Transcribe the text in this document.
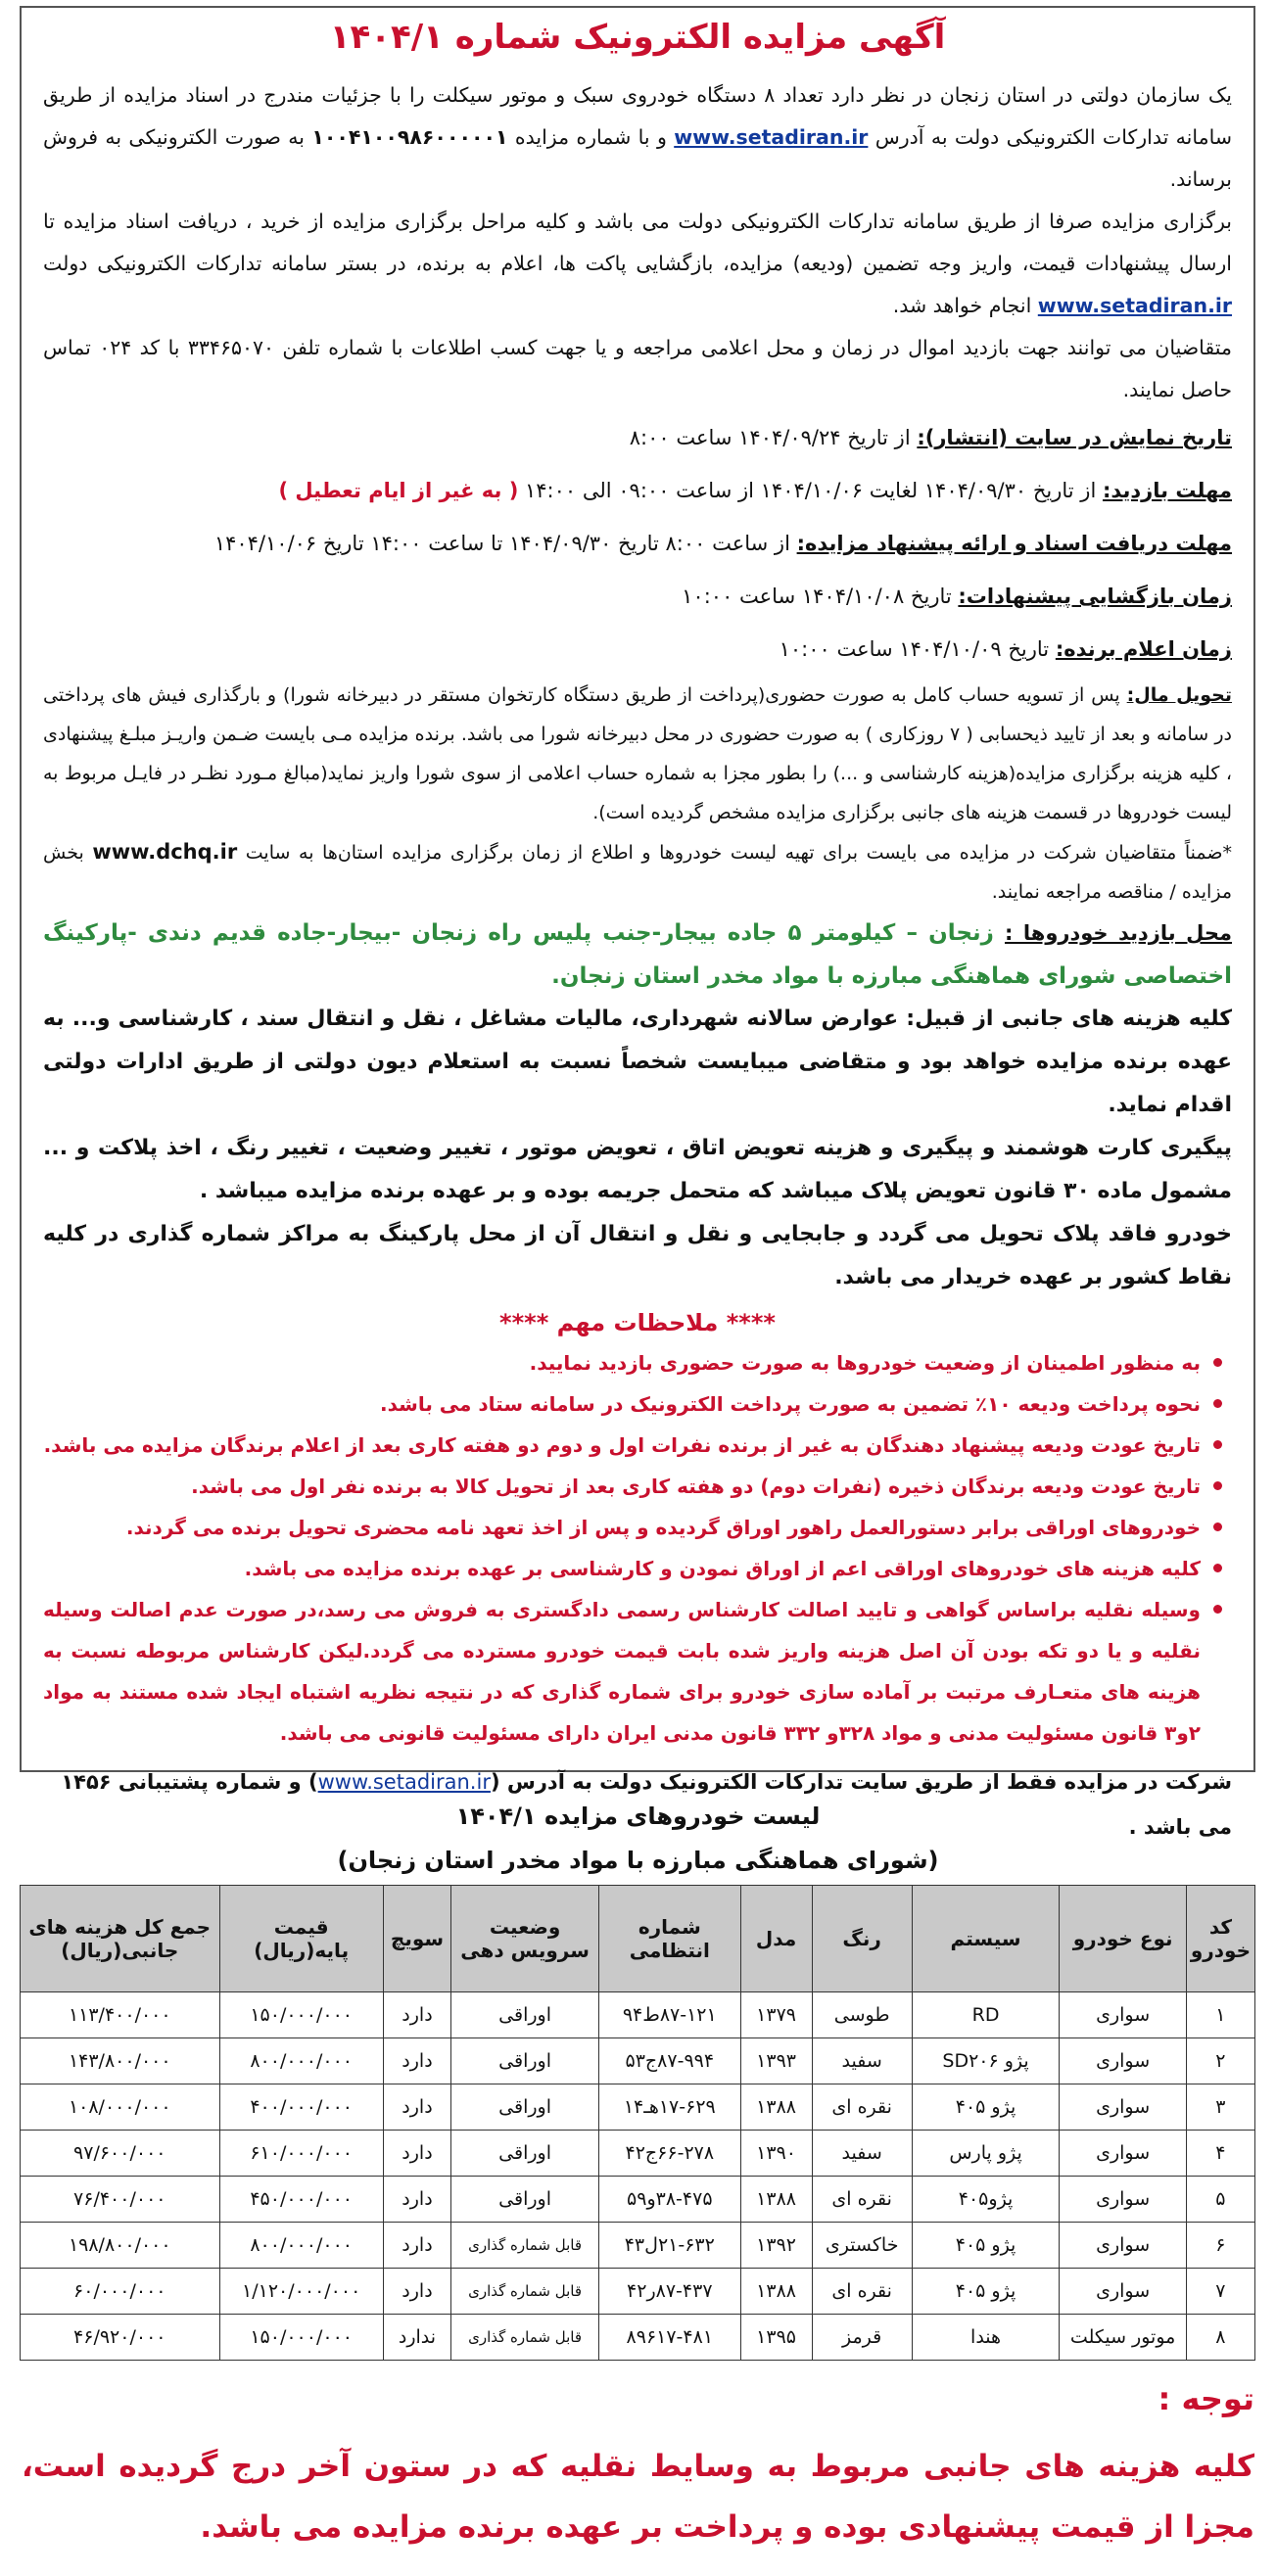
آگهی مزایده الکترونیک شماره ۱۴۰۴/۱

یک سازمان دولتی در استان زنجان در نظر دارد تعداد ۸ دستگاه خودروی سبک و موتور سیکلت را با جزئیات مندرج در اسناد مزایده از طریق سامانه تدارکات الکترونیکی دولت به آدرس www.setadiran.ir و با شماره مزایده ۱۰۰۴۱۰۰۹۸۶۰۰۰۰۰۱ به صورت الکترونیکی به فروش برساند.

برگزاری مزایده صرفا از طریق سامانه تدارکات الکترونیکی دولت می باشد و کلیه مراحل برگزاری مزایده از خرید ، دریافت اسناد مزایده تا ارسال پیشنهادات قیمت، واریز وجه تضمین (ودیعه) مزایده، بازگشایی پاکت ها، اعلام به برنده، در بستر سامانه تدارکات الکترونیکی دولت www.setadiran.ir انجام خواهد شد.

متقاضیان می توانند جهت بازدید اموال در زمان و محل اعلامی مراجعه و یا جهت کسب اطلاعات با شماره تلفن ۳۳۴۶۵۰۷۰ با کد ۰۲۴ تماس حاصل نمایند.

تاریخ نمایش در سایت (انتشار): از تاریخ ۱۴۰۴/۰۹/۲۴ ساعت ۸:۰۰

مهلت بازدید: از تاریخ ۱۴۰۴/۰۹/۳۰ لغایت ۱۴۰۴/۱۰/۰۶ از ساعت ۰۹:۰۰ الی ۱۴:۰۰ ( به غیر از ایام تعطیل )

مهلت دریافت اسناد و ارائه پیشنهاد مزایده: از ساعت ۸:۰۰ تاریخ ۱۴۰۴/۰۹/۳۰ تا ساعت ۱۴:۰۰ تاریخ ۱۴۰۴/۱۰/۰۶

زمان بازگشایی پیشنهادات: تاریخ ۱۴۰۴/۱۰/۰۸ ساعت ۱۰:۰۰

زمان اعلام برنده: تاریخ ۱۴۰۴/۱۰/۰۹ ساعت ۱۰:۰۰

تحویل مال: پس از تسویه حساب کامل به صورت حضوری(پرداخت از طریق دستگاه کارتخوان مستقر در دبیرخانه شورا) و بارگذاری فیش های پرداختی در سامانه و بعد از تایید ذیحسابی ( ۷ روزکاری ) به صورت حضوری در محل دبیرخانه شورا می باشد. برنده مزایده مـی بایست ضـمن واریـز مبلـغ پیشنهادی ، کلیه هزینه برگزاری مزایده(هزینه کارشناسی و ...) را بطور مجزا به شماره حساب اعلامی از سوی شورا واریز نماید(مبالغ مـورد نظـر در فایـل مربوط به لیست خودروها در قسمت هزینه های جانبی برگزاری مزایده مشخص گردیده است).

*ضمناً متقاضیان شرکت در مزایده می بایست برای تهیه لیست خودروها و اطلاع از زمان برگزاری مزایده استان‌ها به سایت www.dchq.ir بخش مزایده / مناقصه مراجعه نمایند.

محل بازدید خودروها : زنجان – کیلومتر ۵ جاده بیجار-جنب پلیس راه زنجان -بیجار-جاده قدیم دندی -پارکینگ اختصاصی شورای هماهنگی مبارزه با مواد مخدر استان زنجان.

کلیه هزینه های جانبی از قبیل: عوارض سالانه شهرداری، مالیات مشاغل ، نقل و انتقال سند ، کارشناسی و... به عهده برنده مزایده خواهد بود و متقاضی میبایست شخصاً نسبت به استعلام دیون دولتی از طریق ادارات دولتی اقدام نماید.

پیگیری کارت هوشمند و پیگیری و هزینه تعویض اتاق ، تعویض موتور ، تغییر وضعیت ، تغییر رنگ ، اخذ پلاکت و ... مشمول ماده ۳۰ قانون تعویض پلاک میباشد که متحمل جریمه بوده و بر عهده برنده مزایده میباشد .

خودرو فاقد پلاک تحویل می گردد و جابجایی و نقل و انتقال آن از محل پارکینگ به مراکز شماره گذاری در کلیه نقاط کشور بر عهده خریدار می باشد.

**** ملاحظات مهم ****
به منظور اطمینان از وضعیت خودروها به صورت حضوری بازدید نمایید.
نحوه پرداخت ودیعه ۱۰٪ تضمین به صورت پرداخت الکترونیک در سامانه ستاد می باشد.
تاریخ عودت ودیعه پیشنهاد دهندگان به غیر از برنده نفرات اول و دوم دو هفته کاری بعد از اعلام برندگان مزایده می باشد.
تاریخ عودت ودیعه برندگان ذخیره (نفرات دوم) دو هفته کاری بعد از تحویل کالا به برنده نفر اول می باشد.
خودروهای اوراقی برابر دستورالعمل راهور اوراق گردیده و پس از اخذ تعهد نامه محضری تحویل برنده می گردند.
کلیه هزینه های خودروهای اوراقی اعم از اوراق نمودن و کارشناسی بر عهده برنده مزایده می باشد.
وسیله نقلیه براساس گواهی و تایید اصالت کارشناس رسمی دادگستری به فروش می رسد،در صورت عدم اصالت وسیله نقلیه و یا دو تکه بودن آن اصل هزینه واریز شده بابت قیمت خودرو مسترده می گردد.لیکن کارشناس مربوطه نسبت به هزینه های متعـارف مرتبت بر آماده سازی خودرو برای شماره گذاری که در نتیجه نظریه اشتباه ایجاد شده مستند به مواد ۲و۳ قانون مسئولیت مدنی و مواد ۳۲۸و ۳۳۲ قانون مدنی ایران دارای مسئولیت قانونی می باشد.
شرکت در مزایده فقط از طریق سایت تدارکات الکترونیک دولت به آدرس (www.setadiran.ir) و شماره پشتیبانی ۱۴۵۶ می باشد .
لیست خودروهای مزایده ۱۴۰۴/۱
(شورای هماهنگی مبارزه با مواد مخدر استان زنجان)
کد خودرو	نوع خودرو	سیستم	رنگ	مدل	شماره انتظامی	وضعیت سرویس دهی	سویچ	قیمت پایه(ریال)	جمع کل هزینه های جانبی(ریال)
۱	سواری	RD	طوسی	۱۳۷۹	۸۷-۱۲۱ط۹۴	اوراقی	دارد	۱۵۰/۰۰۰/۰۰۰	۱۱۳/۴۰۰/۰۰۰
۲	سواری	پژو SD۲۰۶	سفید	۱۳۹۳	۸۷-۹۹۴ج۵۳	اوراقی	دارد	۸۰۰/۰۰۰/۰۰۰	۱۴۳/۸۰۰/۰۰۰
۳	سواری	پژو ۴۰۵	نقره ای	۱۳۸۸	۱۷-۶۲۹هـ۱۴	اوراقی	دارد	۴۰۰/۰۰۰/۰۰۰	۱۰۸/۰۰۰/۰۰۰
۴	سواری	پژو پارس	سفید	۱۳۹۰	۶۶-۲۷۸ج۴۲	اوراقی	دارد	۶۱۰/۰۰۰/۰۰۰	۹۷/۶۰۰/۰۰۰
۵	سواری	پژو۴۰۵	نقره ای	۱۳۸۸	۳۸-۴۷۵و۵۹	اوراقی	دارد	۴۵۰/۰۰۰/۰۰۰	۷۶/۴۰۰/۰۰۰
۶	سواری	پژو ۴۰۵	خاکستری	۱۳۹۲	۲۱-۶۳۲ل۴۳	قابل شماره گذاری	دارد	۸۰۰/۰۰۰/۰۰۰	۱۹۸/۸۰۰/۰۰۰
۷	سواری	پژو ۴۰۵	نقره ای	۱۳۸۸	۸۷-۴۳۷ر۴۲	قابل شماره گذاری	دارد	۱/۱۲۰/۰۰۰/۰۰۰	۶۰/۰۰۰/۰۰۰
۸	موتور سیکلت	هندا	قرمز	۱۳۹۵	۸۹۶۱۷-۴۸۱	قابل شماره گذاری	ندارد	۱۵۰/۰۰۰/۰۰۰	۴۶/۹۲۰/۰۰۰
توجه :
کلیه هزینه های جانبی مربوط به وسایط نقلیه که در ستون آخر درج گردیده است، مجزا از قیمت پیشنهادی بوده و پرداخت بر عهده برنده مزایده می باشد.
